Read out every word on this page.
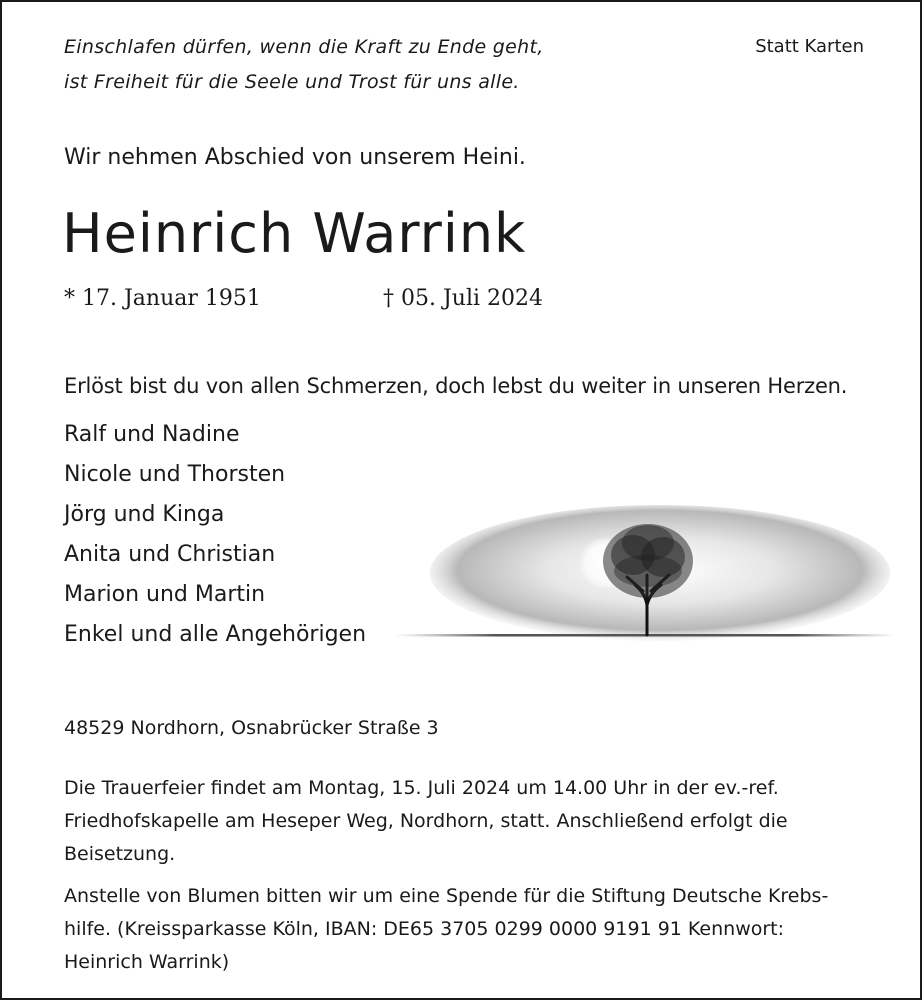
Einschlafen dürfen, wenn die Kraft zu Ende geht,

ist Freiheit für die Seele und Trost für uns alle.

Statt Karten

Wir nehmen Abschied von unserem Heini.

Heinrich Warrink

* 17. Januar 1951	† 05. Juli 2024

Erlöst bist du von allen Schmerzen, doch lebst du weiter in unseren Herzen.

Ralf und Nadine
Nicole und Thorsten
Jörg und Kinga
Anita und Christian
Marion und Martin
Enkel und alle Angehörigen

48529 Nordhorn, Osnabrücker Straße 3

Die Trauerfeier findet am Montag, 15. Juli 2024 um 14.00 Uhr in der ev.-ref.
Friedhofskapelle am Heseper Weg, Nordhorn, statt. Anschließend erfolgt die
Beisetzung.
Anstelle von Blumen bitten wir um eine Spende für die Stiftung Deutsche Krebs-
hilfe. (Kreissparkasse Köln, IBAN: DE65 3705 0299 0000 9191 91 Kennwort:
Heinrich Warrink)
